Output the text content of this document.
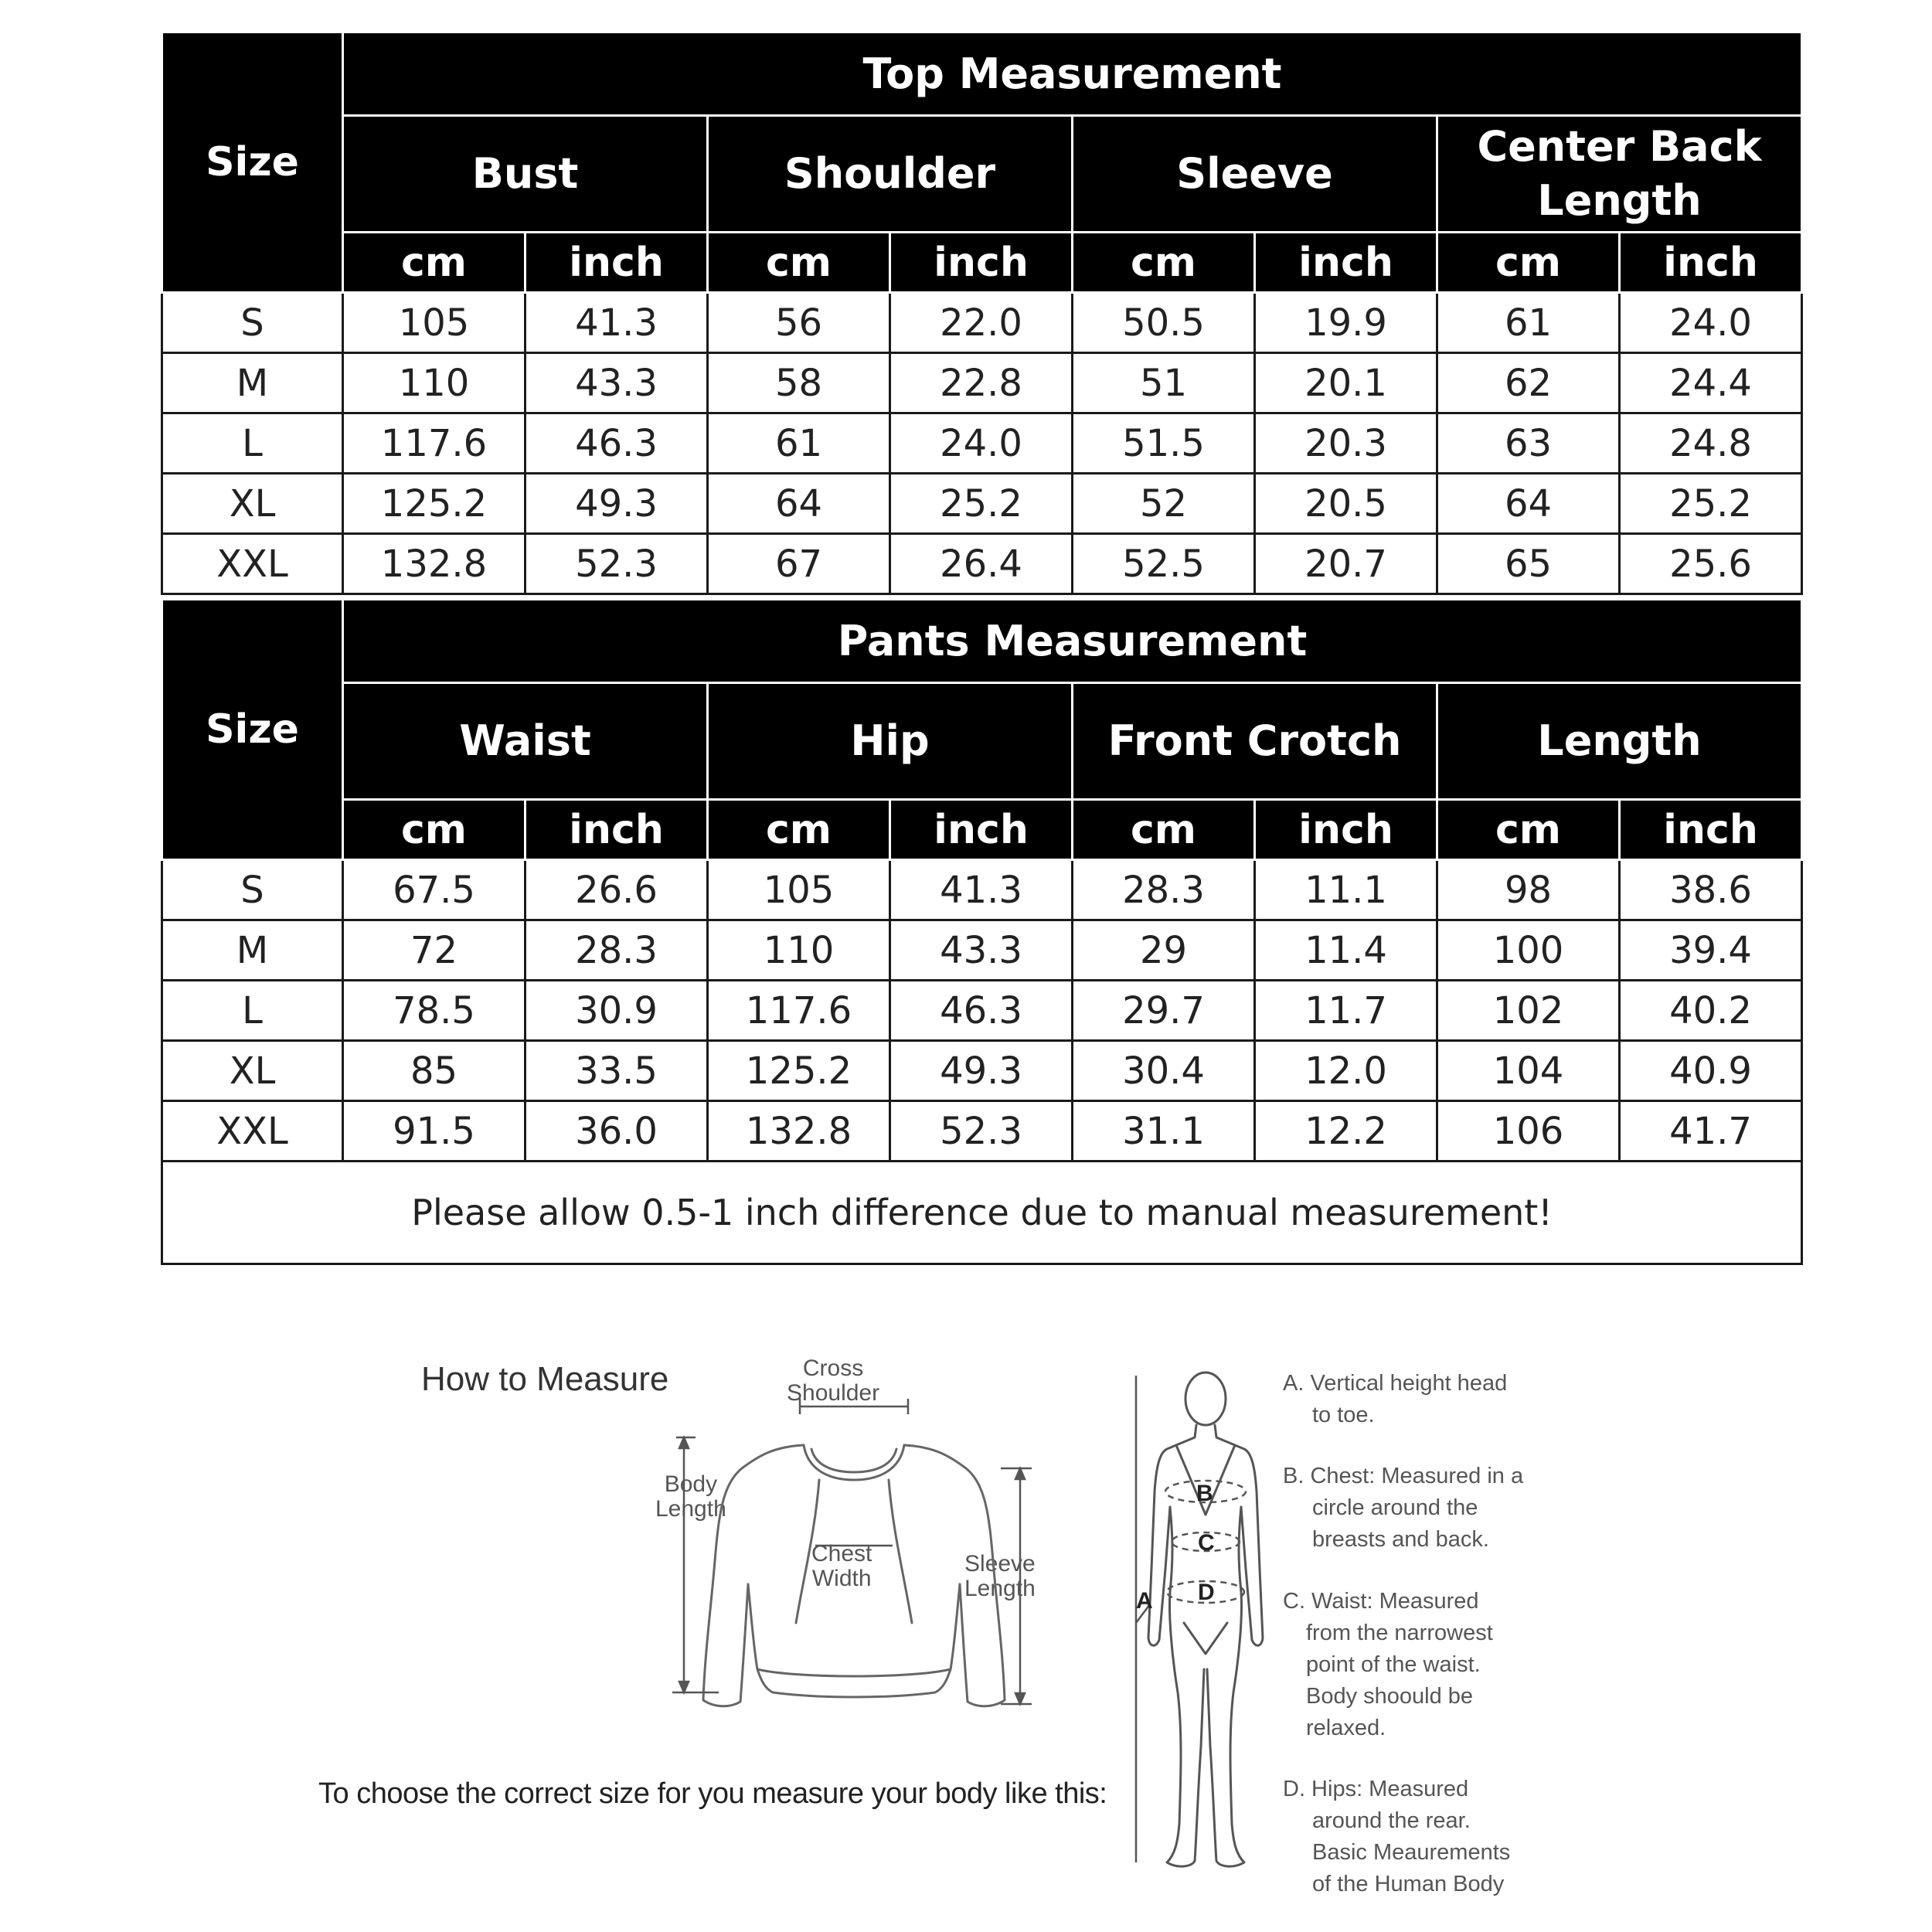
Size	Top Measurement							
	Bust		Shoulder		Sleeve		Center Back Length	
	cm	inch	cm	inch	cm	inch	cm	inch
S	105	41.3	56	22.0	50.5	19.9	61	24.0
M	110	43.3	58	22.8	51	20.1	62	24.4
L	117.6	46.3	61	24.0	51.5	20.3	63	24.8
XL	125.2	49.3	64	25.2	52	20.5	64	25.2
XXL	132.8	52.3	67	26.4	52.5	20.7	65	25.6
Size	Pants Measurement							
	Waist		Hip		Front Crotch		Length	
	cm	inch	cm	inch	cm	inch	cm	inch
S	67.5	26.6	105	41.3	28.3	11.1	98	38.6
M	72	28.3	110	43.3	29	11.4	100	39.4
L	78.5	30.9	117.6	46.3	29.7	11.7	102	40.2
XL	85	33.5	125.2	49.3	30.4	12.0	104	40.9
XXL	91.5	36.0	132.8	52.3	31.1	12.2	106	41.7
Please allow 0.5-1 inch difference due to manual measurement!								
How to Measure
To choose the correct size for you measure your body like this:
Cross
Shoulder
Body
Length
Chest
Width
Sleeve
Length
B
C
D
A
A. Vertical height head
to toe.
B. Chest: Measured in a
circle around the
breasts and back.
C. Waist: Measured
from the narrowest
point of the waist.
Body shoould be
relaxed.
D. Hips: Measured
around the rear.
Basic Meaurements
of the Human Body
